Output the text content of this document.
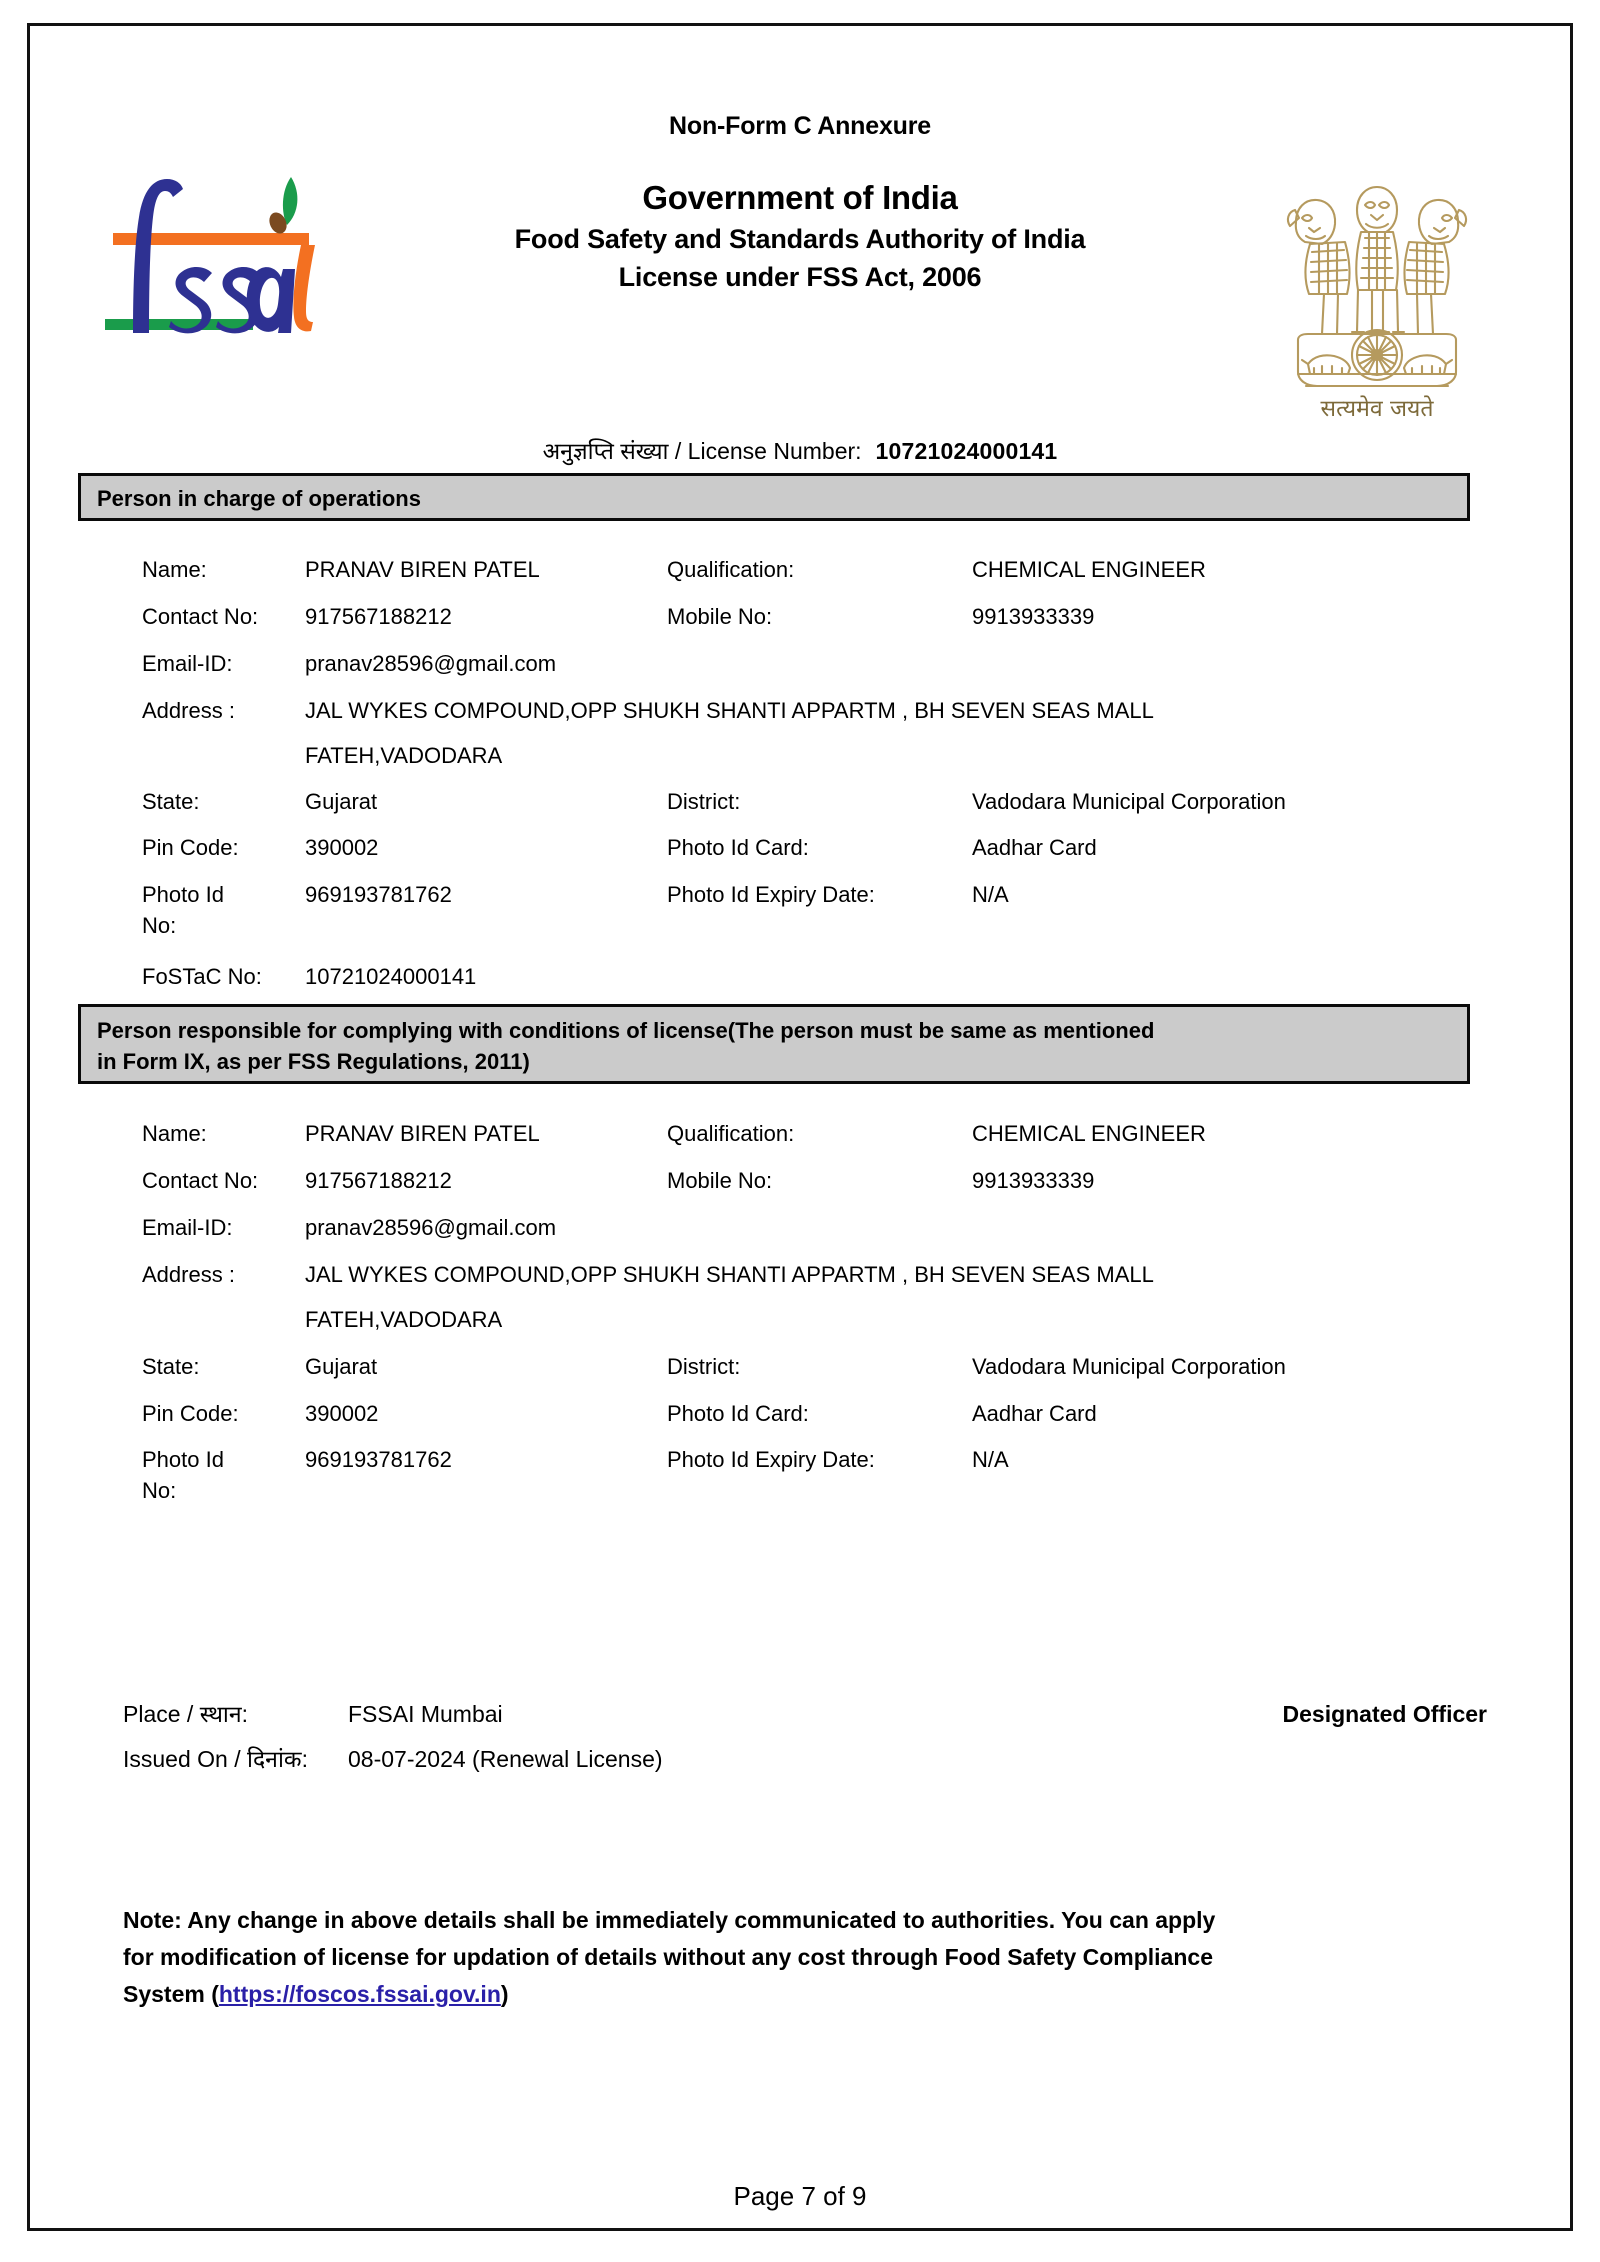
Non-Form C Annexure
Government of India
Food Safety and Standards Authority of India
License under FSS Act, 2006
सत्यमेव जयते
अनुज्ञप्ति संख्या / License Number: 10721024000141
Person in charge of operations
Name:	PRANAV BIREN PATEL	Qualification:	CHEMICAL ENGINEER
Contact No: 917567188212	Mobile No:	9913933339
Email-ID:	pranav28596@gmail.com
Address :	JAL WYKES COMPOUND,OPP SHUKH SHANTI APPARTM , BH SEVEN SEAS MALL
FATEH,VADODARA
State:	Gujarat	District:	Vadodara Municipal Corporation
Pin Code:	390002	Photo Id Card:	Aadhar Card
Photo Id	969193781762	Photo Id Expiry Date:	N/A
No:
FoSTaC No: 10721024000141
Person responsible for complying with conditions of license(The person must be same as mentioned
in Form IX, as per FSS Regulations, 2011)
Name:	PRANAV BIREN PATEL	Qualification:	CHEMICAL ENGINEER
Contact No: 917567188212	Mobile No:	9913933339
Email-ID:	pranav28596@gmail.com
Address :	JAL WYKES COMPOUND,OPP SHUKH SHANTI APPARTM , BH SEVEN SEAS MALL
FATEH,VADODARA
State:	Gujarat	District:	Vadodara Municipal Corporation
Pin Code:	390002	Photo Id Card:	Aadhar Card
Photo Id	969193781762	Photo Id Expiry Date:	N/A
No:
Place / स्थान:	FSSAI Mumbai
Issued On / दिनांक: 08-07-2024 (Renewal License)
Designated Officer
Note: Any change in above details shall be immediately communicated to authorities. You can apply
for modification of license for updation of details without any cost through Food Safety Compliance
System (https://foscos.fssai.gov.in)
Page 7 of 9
